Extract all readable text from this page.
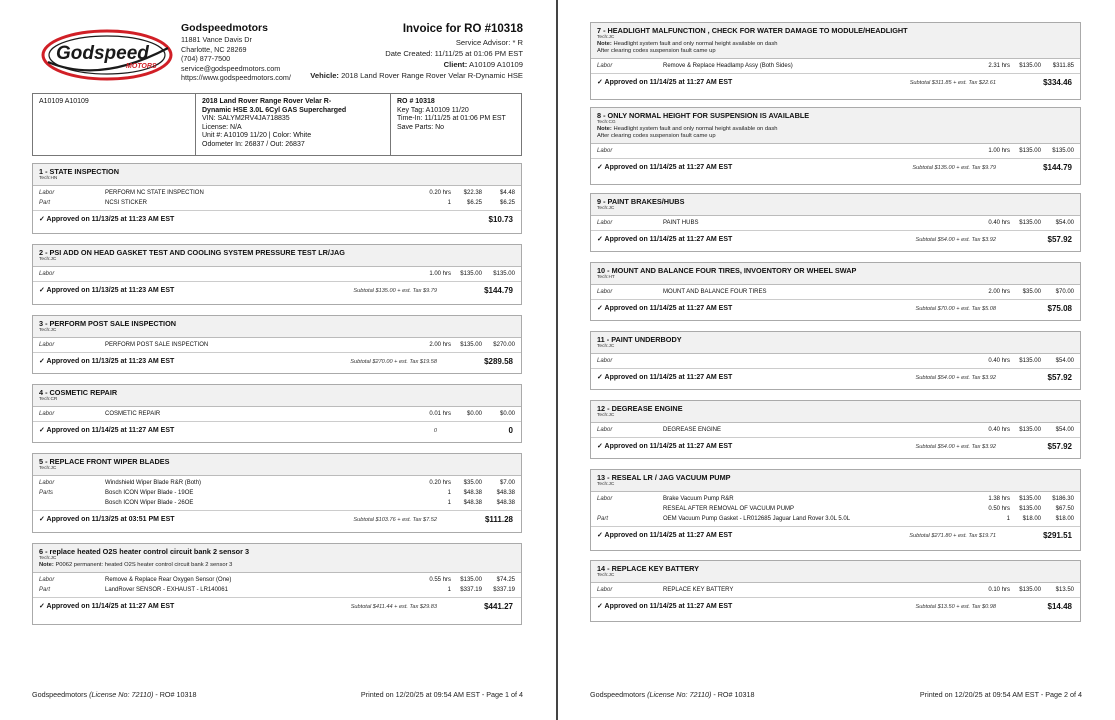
Godspeed
MOTORS
Godspeedmotors
11881 Vance Davis Dr
Charlotte, NC 28269
(704) 877-7500
service@godspeedmotors.com
https://www.godspeedmotors.com/
Invoice for RO #10318
Service Advisor: * R
Date Created: 11/11/25 at 01:06 PM EST
Client: A10109 A10109
Vehicle: 2018 Land Rover Range Rover Velar R-Dynamic HSE
A10109 A10109	2018 Land Rover Range Rover Velar R-
Dynamic HSE 3.0L 6Cyl GAS Supercharged
VIN: SALYM2RV4JA718835
License: N/A
Unit #: A10109 11/20 | Color: White
Odometer In: 26837 / Out: 26837
RO # 10318
Key Tag: A10109 11/20
Time-In: 11/11/25 at 01:06 PM EST
Save Parts: No
1 - STATE INSPECTION
Tech:HN
Labor	PERFORM NC STATE INSPECTION	0.20 hrs $22.38	$4.48
Part	NCSI STICKER	1	$6.25	$6.25
✓ Approved on 11/13/25 at 11:23 AM EST	$10.73
2 - PSI ADD ON HEAD GASKET TEST AND COOLING SYSTEM PRESSURE TEST LR/JAG
Tech:JC
Labor	1.00 hrs $135.00 $135.00
✓ Approved on 11/13/25 at 11:23 AM EST	Subtotal $135.00 + est. Tax $9.79	$144.79
3 - PERFORM POST SALE INSPECTION
Tech:JC
Labor	PERFORM POST SALE INSPECTION	2.00 hrs $135.00 $270.00
✓ Approved on 11/13/25 at 11:23 AM EST	Subtotal $270.00 + est. Tax $19.58	$289.58
4 - COSMETIC REPAIR
Tech:CR
Labor	COSMETIC REPAIR	0.01 hrs	$0.00	$0.00
✓ Approved on 11/14/25 at 11:27 AM EST	0	0
5 - REPLACE FRONT WIPER BLADES
Tech:JC
Labor	Windshield Wiper Blade R&R (Both)	0.20 hrs $35.00	$7.00
Parts	Bosch ICON Wiper Blade - 19OE	1 $48.38 $48.38
Bosch ICON Wiper Blade - 26OE	1 $48.38 $48.38
✓ Approved on 11/13/25 at 03:51 PM EST	Subtotal $103.76 + est. Tax $7.52	$111.28
6 - replace heated O2S heater control circuit bank 2 sensor 3
Tech:JC
Note: P0062 permanent: heated O2S heater control circuit bank 2 sensor 3
Labor	Remove & Replace Rear Oxygen Sensor (One)	0.55 hrs $135.00 $74.25
Part	LandRover SENSOR - EXHAUST - LR140061	1 $337.19 $337.19
✓ Approved on 11/14/25 at 11:27 AM EST	Subtotal $411.44 + est. Tax $29.83	$441.27
Godspeedmotors (License No: 72110) - RO# 10318	Printed on 12/20/25 at 09:54 AM EST - Page 1 of 4
7 - HEADLIGHT MALFUNCTION , CHECK FOR WATER DAMAGE TO MODULE/HEADLIGHT
Tech:JC
Note: Headlight system fault and only normal height available on dash
After clearing codes suspension fault came up
Labor	Remove & Replace Headlamp Assy (Both Sides)	2.31 hrs $135.00 $311.85
✓ Approved on 11/14/25 at 11:27 AM EST	Subtotal $311.85 + est. Tax $22.61	$334.46
8 - ONLY NORMAL HEIGHT FOR SUSPENSION IS AVAILABLE
Tech:CG
Note: Headlight system fault and only normal height available on dash
After clearing codes suspension fault came up
Labor	1.00 hrs $135.00 $135.00
✓ Approved on 11/14/25 at 11:27 AM EST	Subtotal $135.00 + est. Tax $9.79	$144.79
9 - PAINT BRAKES/HUBS
Tech:JC
Labor	PAINT HUBS	0.40 hrs $135.00 $54.00
✓ Approved on 11/14/25 at 11:27 AM EST	Subtotal $54.00 + est. Tax $3.92	$57.92
10 - MOUNT AND BALANCE FOUR TIRES, INVOENTORY OR WHEEL SWAP
Tech:HT
Labor	MOUNT AND BALANCE FOUR TIRES	2.00 hrs $35.00 $70.00
✓ Approved on 11/14/25 at 11:27 AM EST	Subtotal $70.00 + est. Tax $5.08	$75.08
11 - PAINT UNDERBODY
Tech:JC
Labor	0.40 hrs $135.00 $54.00
✓ Approved on 11/14/25 at 11:27 AM EST	Subtotal $54.00 + est. Tax $3.92	$57.92
12 - DEGREASE ENGINE
Tech:JC
Labor	DEGREASE ENGINE	0.40 hrs $135.00 $54.00
✓ Approved on 11/14/25 at 11:27 AM EST	Subtotal $54.00 + est. Tax $3.92	$57.92
13 - RESEAL LR / JAG VACUUM PUMP
Tech:JC
Labor	Brake Vacuum Pump R&R	1.38 hrs $135.00 $186.30
RESEAL AFTER REMOVAL OF VACUUM PUMP	0.50 hrs $135.00 $67.50
Part	OEM Vacuum Pump Gasket - LR012685 Jaguar Land Rover 3.0L 5.0L	1 $18.00 $18.00
✓ Approved on 11/14/25 at 11:27 AM EST	Subtotal $271.80 + est. Tax $19.71	$291.51
14 - REPLACE KEY BATTERY
Tech:JC
Labor	REPLACE KEY BATTERY	0.10 hrs $135.00 $13.50
✓ Approved on 11/14/25 at 11:27 AM EST	Subtotal $13.50 + est. Tax $0.98	$14.48
Godspeedmotors (License No: 72110) - RO# 10318	Printed on 12/20/25 at 09:54 AM EST - Page 2 of 4
